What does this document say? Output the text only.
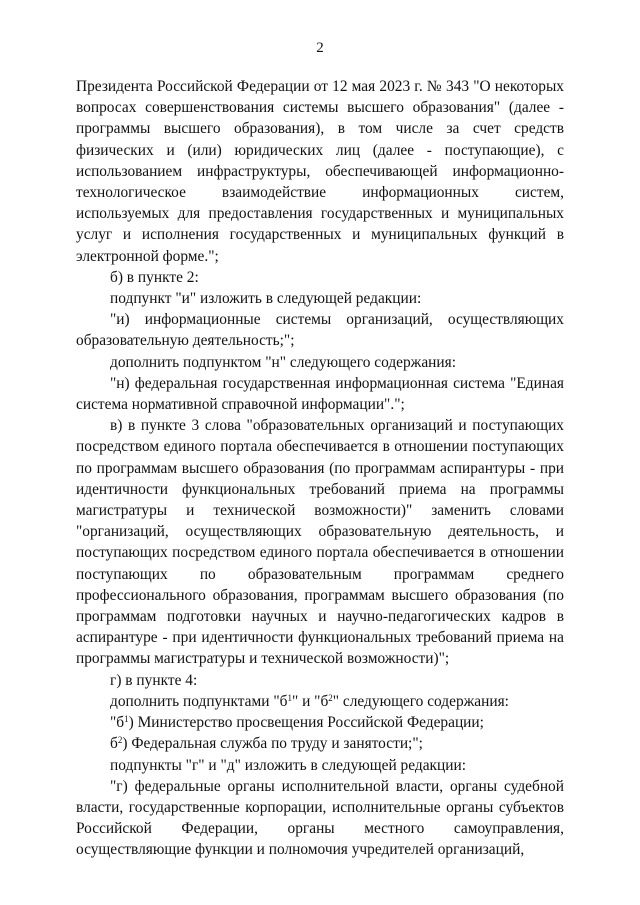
2

Президента Российской Федерации от 12 мая 2023 г. № 343 "О некоторых вопросах совершенствования системы высшего образования" (далее - программы высшего образования), в том числе за счет средств физических и (или) юридических лиц (далее - поступающие), с использованием инфраструктуры, обеспечивающей информационно-технологическое взаимодействие информационных систем, используемых для предоставления государственных и муниципальных услуг и исполнения государственных и муниципальных функций в электронной форме.";

б) в пункте 2:

подпункт "и" изложить в следующей редакции:

"и) информационные системы организаций, осуществляющих образовательную деятельность;";

дополнить подпунктом "н" следующего содержания:

"н) федеральная государственная информационная система "Единая система нормативной справочной информации".";

в) в пункте 3 слова "образовательных организаций и поступающих посредством единого портала обеспечивается в отношении поступающих по программам высшего образования (по программам аспирантуры - при идентичности функциональных требований приема на программы магистратуры и технической возможности)" заменить словами "организаций, осуществляющих образовательную деятельность, и поступающих посредством единого портала обеспечивается в отношении поступающих по образовательным программам среднего профессионального образования, программам высшего образования (по программам подготовки научных и научно-педагогических кадров в аспирантуре - при идентичности функциональных требований приема на программы магистратуры и технической возможности)";

г) в пункте 4:

дополнить подпунктами "$б^1$" и "$б^2$" следующего содержания:

"$б^1$) Министерство просвещения Российской Федерации;

$б^2$) Федеральная служба по труду и занятости;";

подпункты "г" и "д" изложить в следующей редакции:

"г) федеральные органы исполнительной власти, органы судебной власти, государственные корпорации, исполнительные органы субъектов Российской Федерации, органы местного самоуправления, осуществляющие функции и полномочия учредителей организаций,
